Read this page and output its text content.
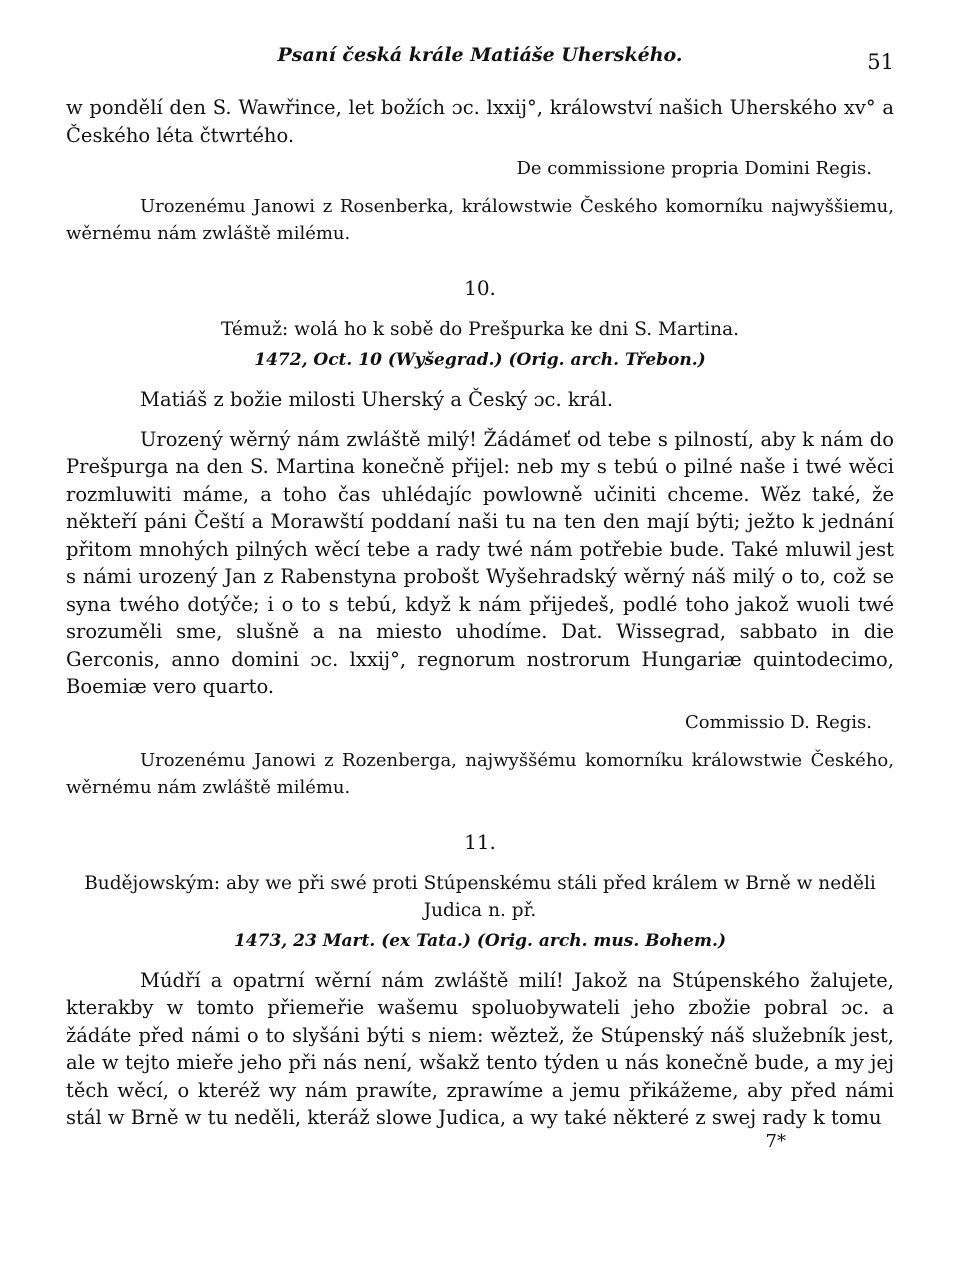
Psaní česká krále Matiáše Uherského.	51

w pondělí den S. Wawřince, let božích ɔc. lxxij°, králowství našich Uherského xv° a Českého léta čtwrtého.

De commissione propria Domini Regis.

Urozenému Janowi z Rosenberka, králowstwie Českého komorníku najwyššiemu, wěrnému nám zwláště milému.

10.
Témuž: wolá ho k sobě do Prešpurka ke dni S. Martina.
1472, Oct. 10 (Wyšegrad.) (Orig. arch. Třebon.)

Matiáš z božie milosti Uherský a Český ɔc. král.

Urozený wěrný nám zwláště milý! Žádámeť od tebe s pilností, aby k nám do Prešpurga na den S. Martina konečně přijel: neb my s tebú o pilné naše i twé wěci rozmluwiti máme, a toho čas uhlédajíc powlowně učiniti chceme. Wěz také, že někteří páni Čeští a Morawští poddaní naši tu na ten den mají býti; ježto k jednání přitom mnohých pilných wěcí tebe a rady twé nám potřebie bude. Také mluwil jest s námi urozený Jan z Rabenstyna probošt Wyšehradský wěrný náš milý o to, což se syna twého dotýče; i o to s tebú, když k nám přijedeš, podlé toho jakož wuoli twé srozuměli sme, slušně a na miesto uhodíme. Dat. Wissegrad, sabbato in die Gerconis, anno domini ɔc. lxxij°, regnorum nostrorum Hungariæ quintodecimo, Boemiæ vero quarto.

Commissio D. Regis.

Urozenému Janowi z Rozenberga, najwyššému komorníku králowstwie Českého, wěrnému nám zwláště milému.

11.
Budějowským: aby we při swé proti Stúpenskému stáli před králem w Brně w neděli Judica n. př.
1473, 23 Mart. (ex Tata.) (Orig. arch. mus. Bohem.)

Múdří a opatrní wěrní nám zwláště milí! Jakož na Stúpenského žalujete, kterakby w tomto přiemeřie wašemu spoluobywateli jeho zbožie pobral ɔc. a žádáte před námi o to slyšáni býti s niem: wěztež, že Stúpenský náš služebník jest, ale w tejto mieře jeho při nás není, wšakž tento týden u nás konečně bude, a my jej těch wěcí, o kteréž wy nám prawíte, zprawíme a jemu přikážeme, aby před námi stál w Brně w tu neděli, kteráž slowe Judica, a wy také některé z swej rady k tomu

7*
